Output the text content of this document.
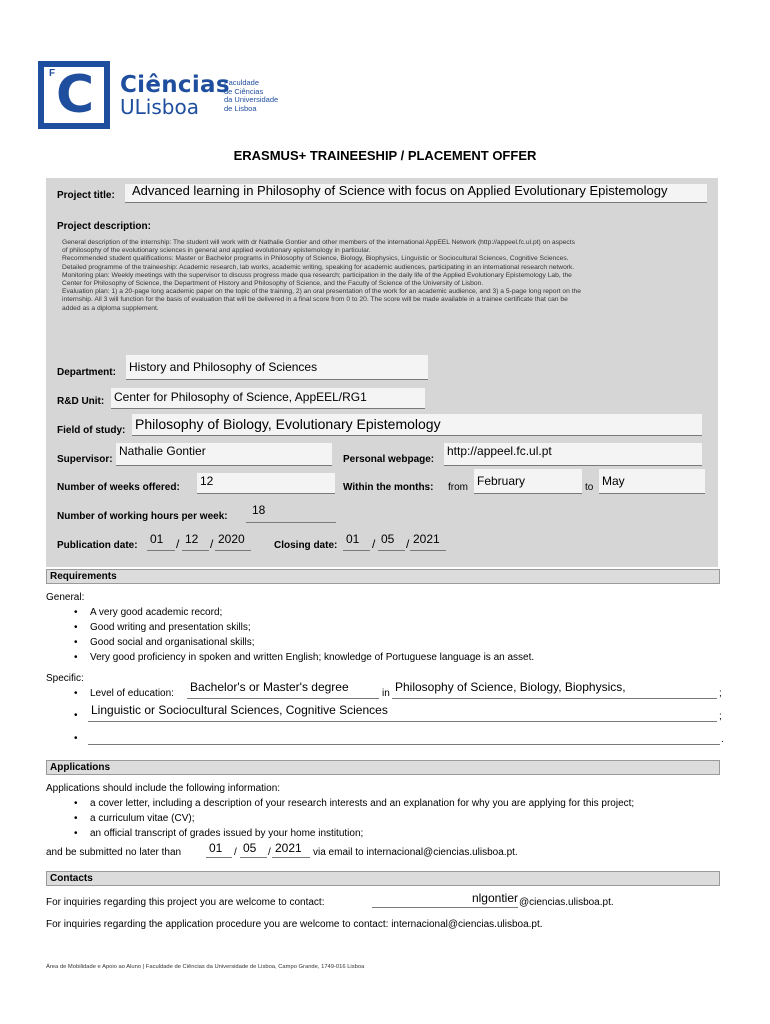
F C Ciências
ULisboa
Faculdade
de Ciências
da Universidade
de Lisboa
ERASMUS+ TRAINEESHIP / PLACEMENT OFFER
Project title:	Advanced learning in Philosophy of Science with focus on Applied Evolutionary Epistemology
Project description:
General description of the internship: The student will work with dr Nathalie Gontier and other members of the international AppEEL Network (http://appeel.fc.ul.pt) on aspects
of philosophy of the evolutionary sciences in general and applied evolutionary epistemology in particular.
Recommended student qualifications: Master or Bachelor programs in Philosophy of Science, Biology, Biophysics, Linguistic or Sociocultural Sciences, Cognitive Sciences.
Detailed programme of the traineeship: Academic research, lab works, academic writing, speaking for academic audiences, participating in an international research network.
Monitoring plan: Weekly meetings with the supervisor to discuss progress made qua research; participation in the daily life of the Applied Evolutionary Epistemology Lab, the
Center for Philosophy of Science, the Department of History and Philosophy of Science, and the Faculty of Science of the University of Lisbon.
Evaluation plan: 1) a 20-page long academic paper on the topic of the training, 2) an oral presentation of the work for an academic audience, and 3) a 5-page long report on the
internship. All 3 will function for the basis of evaluation that will be delivered in a final score from 0 to 20. The score will be made available in a trainee certificate that can be
added as a diploma supplement.
Department: History and Philosophy of Sciences
R&D Unit: Center for Philosophy of Science, AppEEL/RG1
Field of study: Philosophy of Biology, Evolutionary Epistemology
Supervisor:
Nathalie Gontier
Personal webpage:
http://appeel.fc.ul.pt
Number of weeks offered: 12	Within the months: from February	to May
Number of working hours per week:	18
Publication date: 01	/ 12 / 2020	Closing date: 01	/ 05 / 2021
Requirements
General:
• A very good academic record;
• Good writing and presentation skills;
• Good social and organisational skills;
• Very good proficiency in spoken and written English; knowledge of Portuguese language is an asset.
Specific:
• Level of education: Bachelor's or Master's degree	in Philosophy of Science, Biology, Biophysics,	;
• Linguistic or Sociocultural Sciences, Cognitive Sciences	;
•	.
Applications
Applications should include the following information:
• a cover letter, including a description of your research interests and an explanation for why you are applying for this project;
• a curriculum vitae (CV);
• an official transcript of grades issued by your home institution;
and be submitted no later than 01	/ 05	/ 2021	via email to internacional@ciencias.ulisboa.pt.
Contacts
For inquiries regarding this project you are welcome to contact:	nlgontier @ciencias.ulisboa.pt.
For inquiries regarding the application procedure you are welcome to contact: internacional@ciencias.ulisboa.pt.
Área de Mobilidade e Apoio ao Aluno | Faculdade de Ciências da Universidade de Lisboa, Campo Grande, 1749-016 Lisboa
